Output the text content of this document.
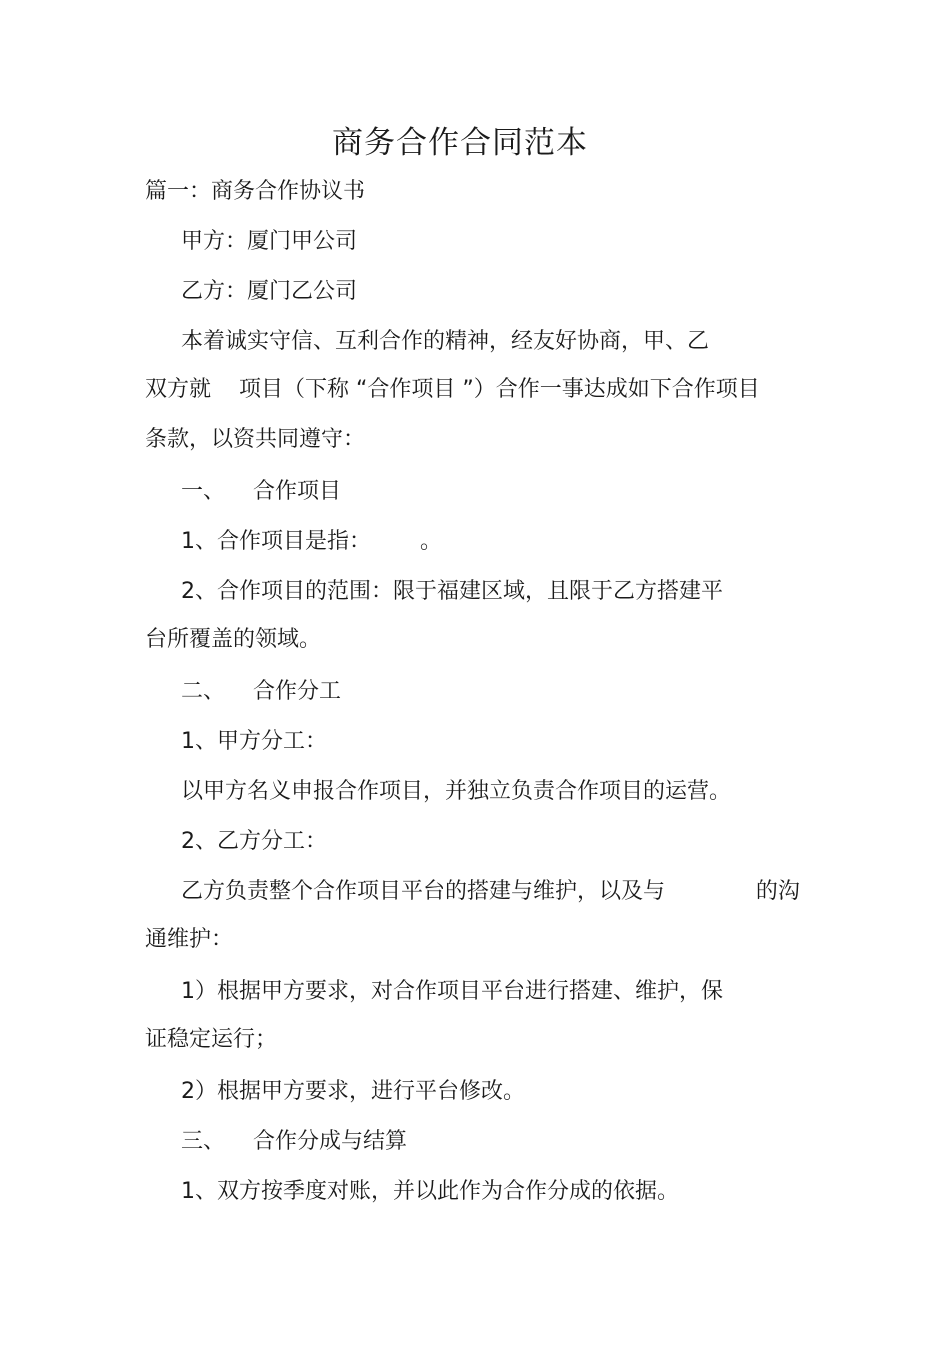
商务合作合同范本
篇一：商务合作协议书
甲方：厦门甲公司
乙方：厦门乙公司
本着诚实守信、互利合作的精神，经友好协商，甲、乙
双方就    项目（下称 “合作项目 ”）合作一事达成如下合作项目
条款，以资共同遵守：
一、    合作项目
1、合作项目是指：       。
2、合作项目的范围：限于福建区域，且限于乙方搭建平
台所覆盖的领域。
二、    合作分工
1、甲方分工：
以甲方名义申报合作项目，并独立负责合作项目的运营。
2、乙方分工：
乙方负责整个合作项目平台的搭建与维护，以及与             的沟
通维护：
1）根据甲方要求，对合作项目平台进行搭建、维护，保
证稳定运行；
2）根据甲方要求，进行平台修改。
三、    合作分成与结算
1、双方按季度对账，并以此作为合作分成的依据。
